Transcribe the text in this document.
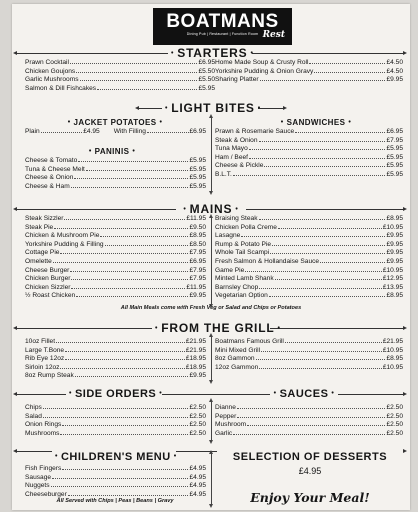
BOATMANS
Dining Pub | Restaurant | Function Room Rest
• STARTERS •
Prawn Cocktail	£6.95
Chicken Goujons	£5.50
Garlic Mushrooms	£5.50
Salmon & Dill Fishcakes	£5.95
Home Made Soup & Crusty Roll	£4.50
Yorkshire Pudding & Onion Gravy	£4.50
Sharing Platter	£9.95
• LIGHT BITES •
• JACKET POTATOES •
Plain	£4.95 With Filling	£6.95
• PANINIS •
Cheese & Tomato	£5.95
Tuna & Cheese Melt	£5.95
Cheese & Onion	£5.95
Cheese & Ham	£5.95
• SANDWICHES •
Prawn & Rosemarie Sauce	£6.95
Steak & Onion	£7.95
Tuna Mayo	£5.95
Ham / Beef	£5.95
Cheese & Pickle	£5.95
B.L.T.	£5.95
• MAINS •
Steak Sizzler	£11.95
Steak Pie	£9.50
Chicken & Mushroom Pie	£8.95
Yorkshire Pudding & Filling	£8.50
Cottage Pie	£7.95
Omelette	£6.95
Cheese Burger	£7.95
Chicken Burger	£7.95
Chicken Sizzler	£11.95
½ Roast Chicken	£9.95
Braising Steak	£8.95
Chicken Polla Creme	£10.95
Lasagne	£9.95
Rump & Potato Pie	£9.95
Whole Tail Scampi	£9.95
Fresh Salmon & Hollandaise Sauce	£9.95
Game Pie	£10.95
Minted Lamb Shank	£12.95
Barnsley Chop	£13.95
Vegetarian Option	£8.95
All Main Meals come with Fresh Veg or Salad and Chips or Potatoes
• FROM THE GRILL •
10oz Fillet	£21.95
Large T.Bone	£21.95
Rib Eye 12oz	£18.95
Sirloin 12oz	£18.95
8oz Rump Steak	£9.95
Boatmans Famous Grill	£21.95
Mini Mixed Grill	£10.95
8oz Gammon	£8.95
12oz Gammon	£10.95
• SIDE ORDERS •	• SAUCES •
Chips	£2.50
Salad	£2.50
Onion Rings	£2.50
Mushrooms	£2.50
Dianne	£2.50
Pepper	£2.50
Mushroom	£2.50
Garlic	£2.50
• CHILDREN'S MENU •
Fish Fingers	£4.95
Sausage	£4.95
Nuggets	£4.95
Cheeseburger	£4.95
All Served with Chips | Peas | Beans | Gravy
SELECTION OF DESSERTS
£4.95
Enjoy Your Meal!
